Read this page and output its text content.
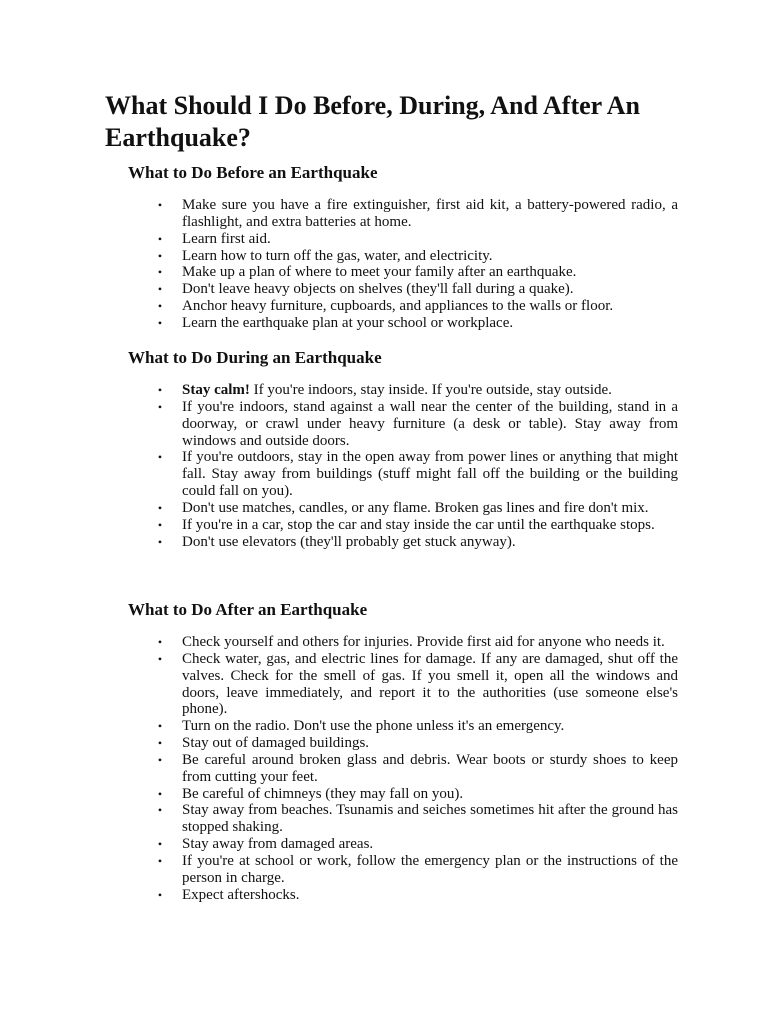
What Should I Do Before, During, And After An Earthquake?
What to Do Before an Earthquake
•	Make sure you have a fire extinguisher, first aid kit, a battery-powered radio, a flashlight, and extra batteries at home.
•	Learn first aid.
•	Learn how to turn off the gas, water, and electricity.
•	Make up a plan of where to meet your family after an earthquake.
•	Don't leave heavy objects on shelves (they'll fall during a quake).
•	Anchor heavy furniture, cupboards, and appliances to the walls or floor.
•	Learn the earthquake plan at your school or workplace.
What to Do During an Earthquake
•	Stay calm! If you're indoors, stay inside. If you're outside, stay outside.
•	If you're indoors, stand against a wall near the center of the building, stand in a doorway, or crawl under heavy furniture (a desk or table). Stay away from windows and outside doors.
•	If you're outdoors, stay in the open away from power lines or anything that might fall. Stay away from buildings (stuff might fall off the building or the building could fall on you).
•	Don't use matches, candles, or any flame. Broken gas lines and fire don't mix.
•	If you're in a car, stop the car and stay inside the car until the earthquake stops.
•	Don't use elevators (they'll probably get stuck anyway).
What to Do After an Earthquake
•	Check yourself and others for injuries. Provide first aid for anyone who needs it.
•	Check water, gas, and electric lines for damage. If any are damaged, shut off the valves. Check for the smell of gas. If you smell it, open all the windows and doors, leave immediately, and report it to the authorities (use someone else's phone).
•	Turn on the radio. Don't use the phone unless it's an emergency.
•	Stay out of damaged buildings.
•	Be careful around broken glass and debris. Wear boots or sturdy shoes to keep from cutting your feet.
•	Be careful of chimneys (they may fall on you).
•	Stay away from beaches. Tsunamis and seiches sometimes hit after the ground has stopped shaking.
•	Stay away from damaged areas.
•	If you're at school or work, follow the emergency plan or the instructions of the person in charge.
•	Expect aftershocks.
